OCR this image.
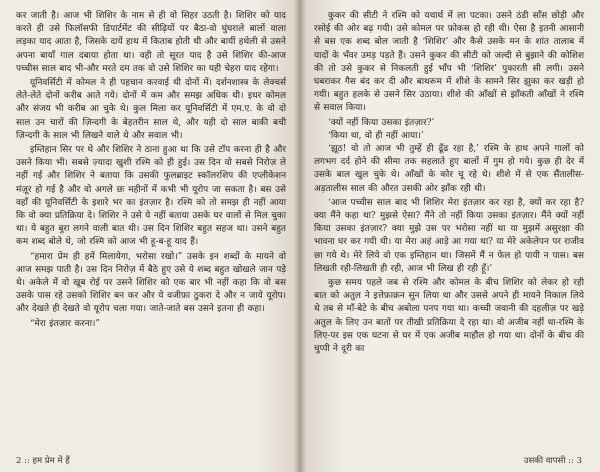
कर जाती है। आज भी शिशिर के नाम से ही वो सिहर उठती है। शिशिर को याद करते ही उसे फिलॉसफी डिपार्टमेंट की सीढ़ियों पर बैठा-वो घुंघराले बालों वाला लड़का याद आता है, जिसके दायें हाथ में किताब होती थी और बायीं हथेली से उसने अपना बायाँ गाल दबाया होता था। वही तो सूरत याद है उसे शिशिर की-आज पच्चीस साल बाद भी-और मरते दम तक वो उसे शिशिर का यही चेहरा याद रहेगा।

यूनिवर्सिटी में कोमल ने ही पहचान करवाई थी दोनों में। दर्शनशास्त्र के लेक्चर्स लेते-लेते दोनों करीब आते गये। दोनों में कम और समझ अधिक थी। इधर कोमल और संजय भी करीब आ चुके थे। कुल मिला कर यूनिवर्सिटी में एम.ए. के वो दो साल उन चारों की ज़िन्दगी के बेहतरीन साल थे, और यही दो साल बाकी बची ज़िन्दगी के साल भी लिखने वाले थे और सवाल भी।

इम्तिहान सिर पर थे और शिशिर ने ठाना हुआ था कि उसे टॉप करना ही है और उसने किया भी। सबसे ज़्यादा खुशी रश्मि को ही हुई। उस दिन वो सबसे निरोज़ ले नहीं गई और शिशिर ने बताया कि उसकी फुलब्राइट स्कॉलरशिप की एप्लीकेशन मंज़ूर हो गई है और वो अगले छः महीनों में कभी भी यूरोप जा सकता है। बस उसे वहाँ की यूनिवर्सिटी के इशारे भर का इंतज़ार है। रश्मि को तो समझ ही नहीं आया कि वो क्या प्रतिक्रिया दे। शिशिर ने उसे ये नहीं बताया उसके घर वालों से मिल चुका था। ये बहुत बुरा लगने वाली बात थी। उस दिन शिशिर बहुत सहज था। उसने बहुत कम शब्द बोले थे, जो रश्मि को आज भी हू-ब-हू याद हैं।

“हमारा प्रेम ही हमें मिलायेगा, भरोसा रखो।” उसके इन शब्दों के मायने वो आज समझ पाती है। उस दिन निरोज़ में बैठे हुए उसे ये शब्द बहुत खोखले जान पड़े थे। अकेले में वो खूब रोई पर उसने शिशिर को एक बार भी नहीं कहा कि वो बस उसके पास रहे उसको शिशिर बन कर और ये वजीफ़ा ठुकरा दे और न जाये यूरोप। और देखते ही देखते वो यूरोप चला गया। जाते-जाते बस उसने इतना ही कहा।

“मेरा इंतज़ार करना।”

2 :: हम प्रेम में हैं

कुकर की सीटी ने रश्मि को यथार्थ में ला पटका। उसने ठंडी साँस छोड़ी और रसोई की ओर बढ़ गयी। उसे कोमल पर फ़ोकस हो रही थी। ऐसा है इतनी आसानी से बस एक शब्द बोल जाती है ‘शिशिर’ और कैसे उसके मन के शांत तालाब में यादों के भँवर उमड़ पड़ते हैं। उसने कुकर की सीटी को जल्दी से बुझाने की कोशिश की तो उसे कुकर से निकलती हुई भाँप भी ‘शिशिर’ पुकारती सी लगी। उसने घबराकर गैस बंद कर दी और बाथरूम में शीशे के सामने सिर झुका कर खड़ी हो गयी। बहुत हलके से उसने सिर उठाया। शीशे की आँखों से झाँकती आँखों ने रश्मि से सवाल किया।

‘क्यों नहीं किया उसका इंतज़ार?’

‘किया था, वो ही नहीं आया।’

‘झूठ! वो तो आज भी तुम्हें ही ढूँढ रहा है,’ रश्मि के हाथ अपने गालों को लगभग दर्द होने की सीमा तक सहलाते हुए बालों में गुम हो गये। कुछ ही देर में उसके बाल खुल चुके थे। आँखों के कोर चू रहे थे। शीशे में से एक सैंतालीस-अड़तालीस साल की औरत उसकी ओर झाँक रही थी।

‘आज पच्चीस साल बाद भी शिशिर मेरा इंतज़ार कर रहा है, क्यों कर रहा है? क्या मैंने कहा था? मुझसे ऐसा? मैंने तो नहीं किया उसका इंतज़ार। मैंने क्यों नहीं किया उसका इंतज़ार? क्या मुझे उस पर भरोसा नहीं था या मुझमें असुरक्षा की भावना घर कर गयी थी। या मेरा अहं आड़े आ गया था? या मेरे अकेलेपन पर राजीव छा गये थे। मेरे लिये वो एक इम्तिहान था। जिसमें मैं न फेल हो पायी न पास। बस लिखती रही-लिखती ही रही, आज भी लिख ही रही हूँ।’

कुछ समय पहले जब से रश्मि और कोमल के बीच शिशिर को लेकर हो रही बात को अतुल ने इत्तेफ़ाक़न सुन लिया था और उससे अपने ही मायने निकाल लिये थे तब से माँ-बेटे के बीच अबोला पनप गया था। कच्ची जवानी की दहलीज़ पर खड़े अतुल के लिए उन बातों पर तीखी प्रतिक्रिया दे रहा था। वो अजीब नहीं था-रश्मि के लिए-पर इस एक घटना से घर में एक अजीब माहौल हो गया था। दोनों के बीच की चुप्पी ने दूरी का

उसकी वापसी :: 3
